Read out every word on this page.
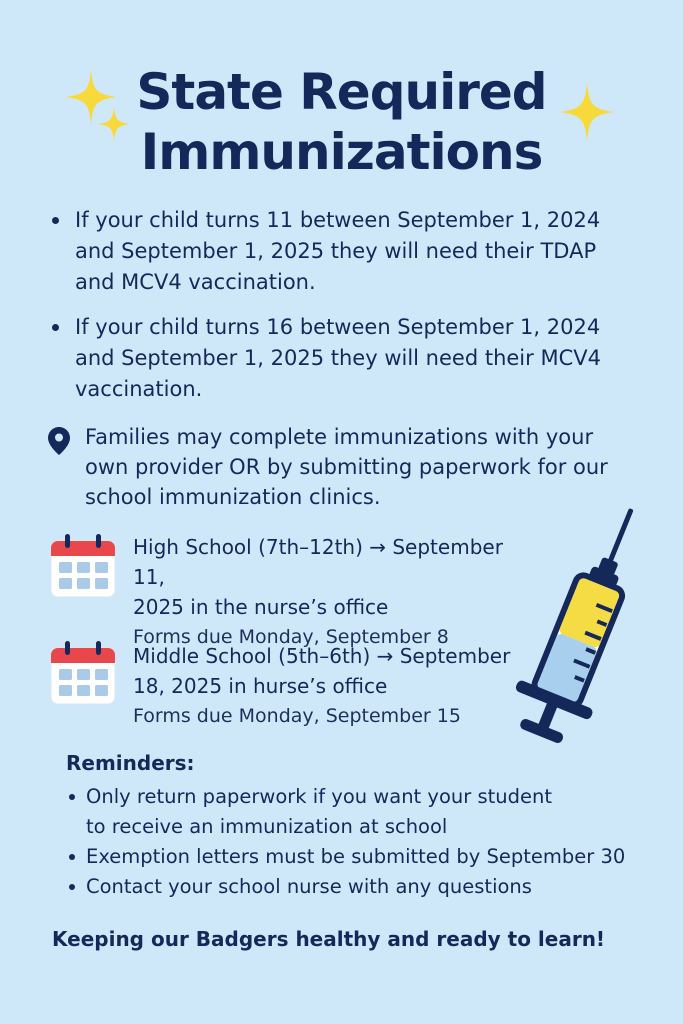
State Required
Immunizations
If your child turns 11 between September 1, 2024 and September 1, 2025 they will need their TDAP and MCV4 vaccination.
If your child turns 16 between September 1, 2024 and September 1, 2025 they will need their MCV4 vaccination.
Families may complete immunizations with your own provider OR by submitting paperwork for our school immunization clinics.
High School (7th–12th) → September 11,
2025 in the nurse’s office
Forms due Monday, September 8
Middle School (5th–6th) → September
18, 2025 in hurse’s office
Forms due Monday, September 15
Reminders:
Only return paperwork if you want your student to receive an immunization at school
Exemption letters must be submitted by September 30
Contact your school nurse with any questions
Keeping our Badgers healthy and ready to learn!
